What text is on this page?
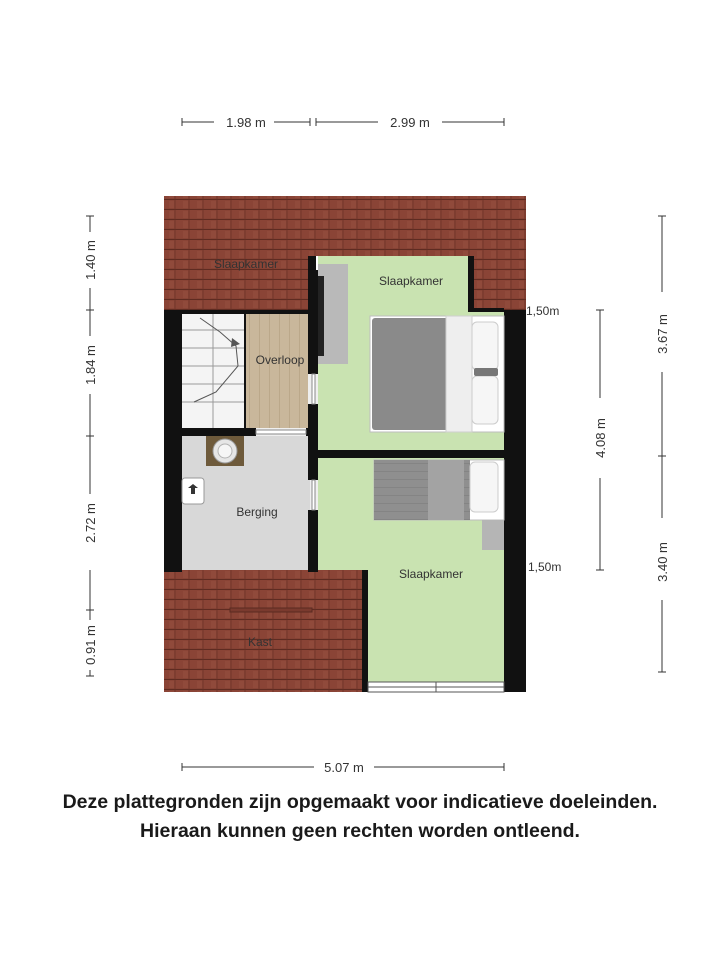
Slaapkamer
Slaapkamer
Overloop
Berging
Slaapkamer
Kast
1.98 m	2.99 m
5.07 m
1.40 m
1.84 m
2.72 m
0.91 m
3.67 m
3.40 m
4.08 m
1,50m
1,50m
Deze plattegronden zijn opgemaakt voor indicatieve doeleinden.
Hieraan kunnen geen rechten worden ontleend.
